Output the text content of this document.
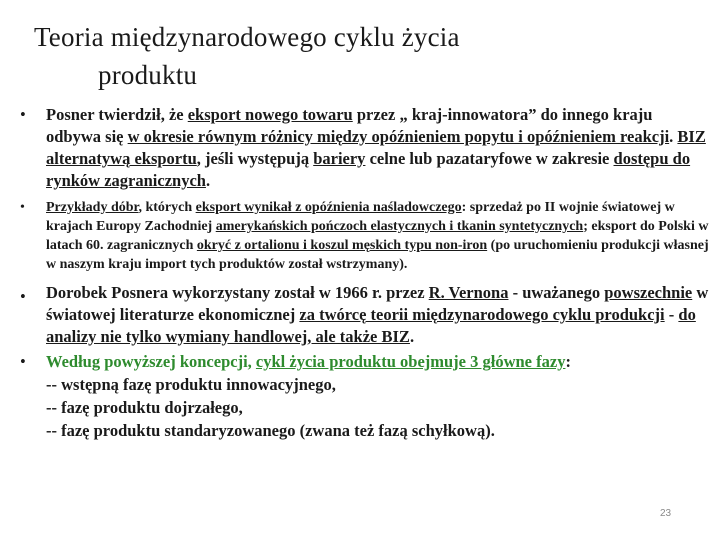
Teoria międzynarodowego cyklu życia
produktu
• Posner twierdził, że eksport nowego towaru przez „ kraj-innowatora” do innego kraju odbywa się w okresie równym różnicy między opóźnieniem popytu i opóźnieniem reakcji. BIZ alternatywą eksportu, jeśli występują bariery celne lub pazataryfowe w zakresie dostępu do rynków zagranicznych.
• Przykłady dóbr, których eksport wynikał z opóźnienia naśladowczego: sprzedaż po II wojnie światowej w krajach Europy Zachodniej amerykańskich pończoch elastycznych i tkanin syntetycznych; eksport do Polski w latach 60. zagranicznych okryć z ortalionu i koszul męskich typu non-iron (po uruchomieniu produkcji własnej w naszym kraju import tych produktów został wstrzymany).
• Dorobek Posnera wykorzystany został w 1966 r. przez R. Vernona - uważanego powszechnie w światowej literaturze ekonomicznej za twórcę teorii międzynarodowego cyklu produkcji - do analizy nie tylko wymiany handlowej, ale także BIZ.
• Według powyższej koncepcji, cykl życia produktu obejmuje 3 główne fazy:
-- wstępną fazę produktu innowacyjnego,
-- fazę produktu dojrzałego,
-- fazę produktu standaryzowanego (zwana też fazą schyłkową).
23
